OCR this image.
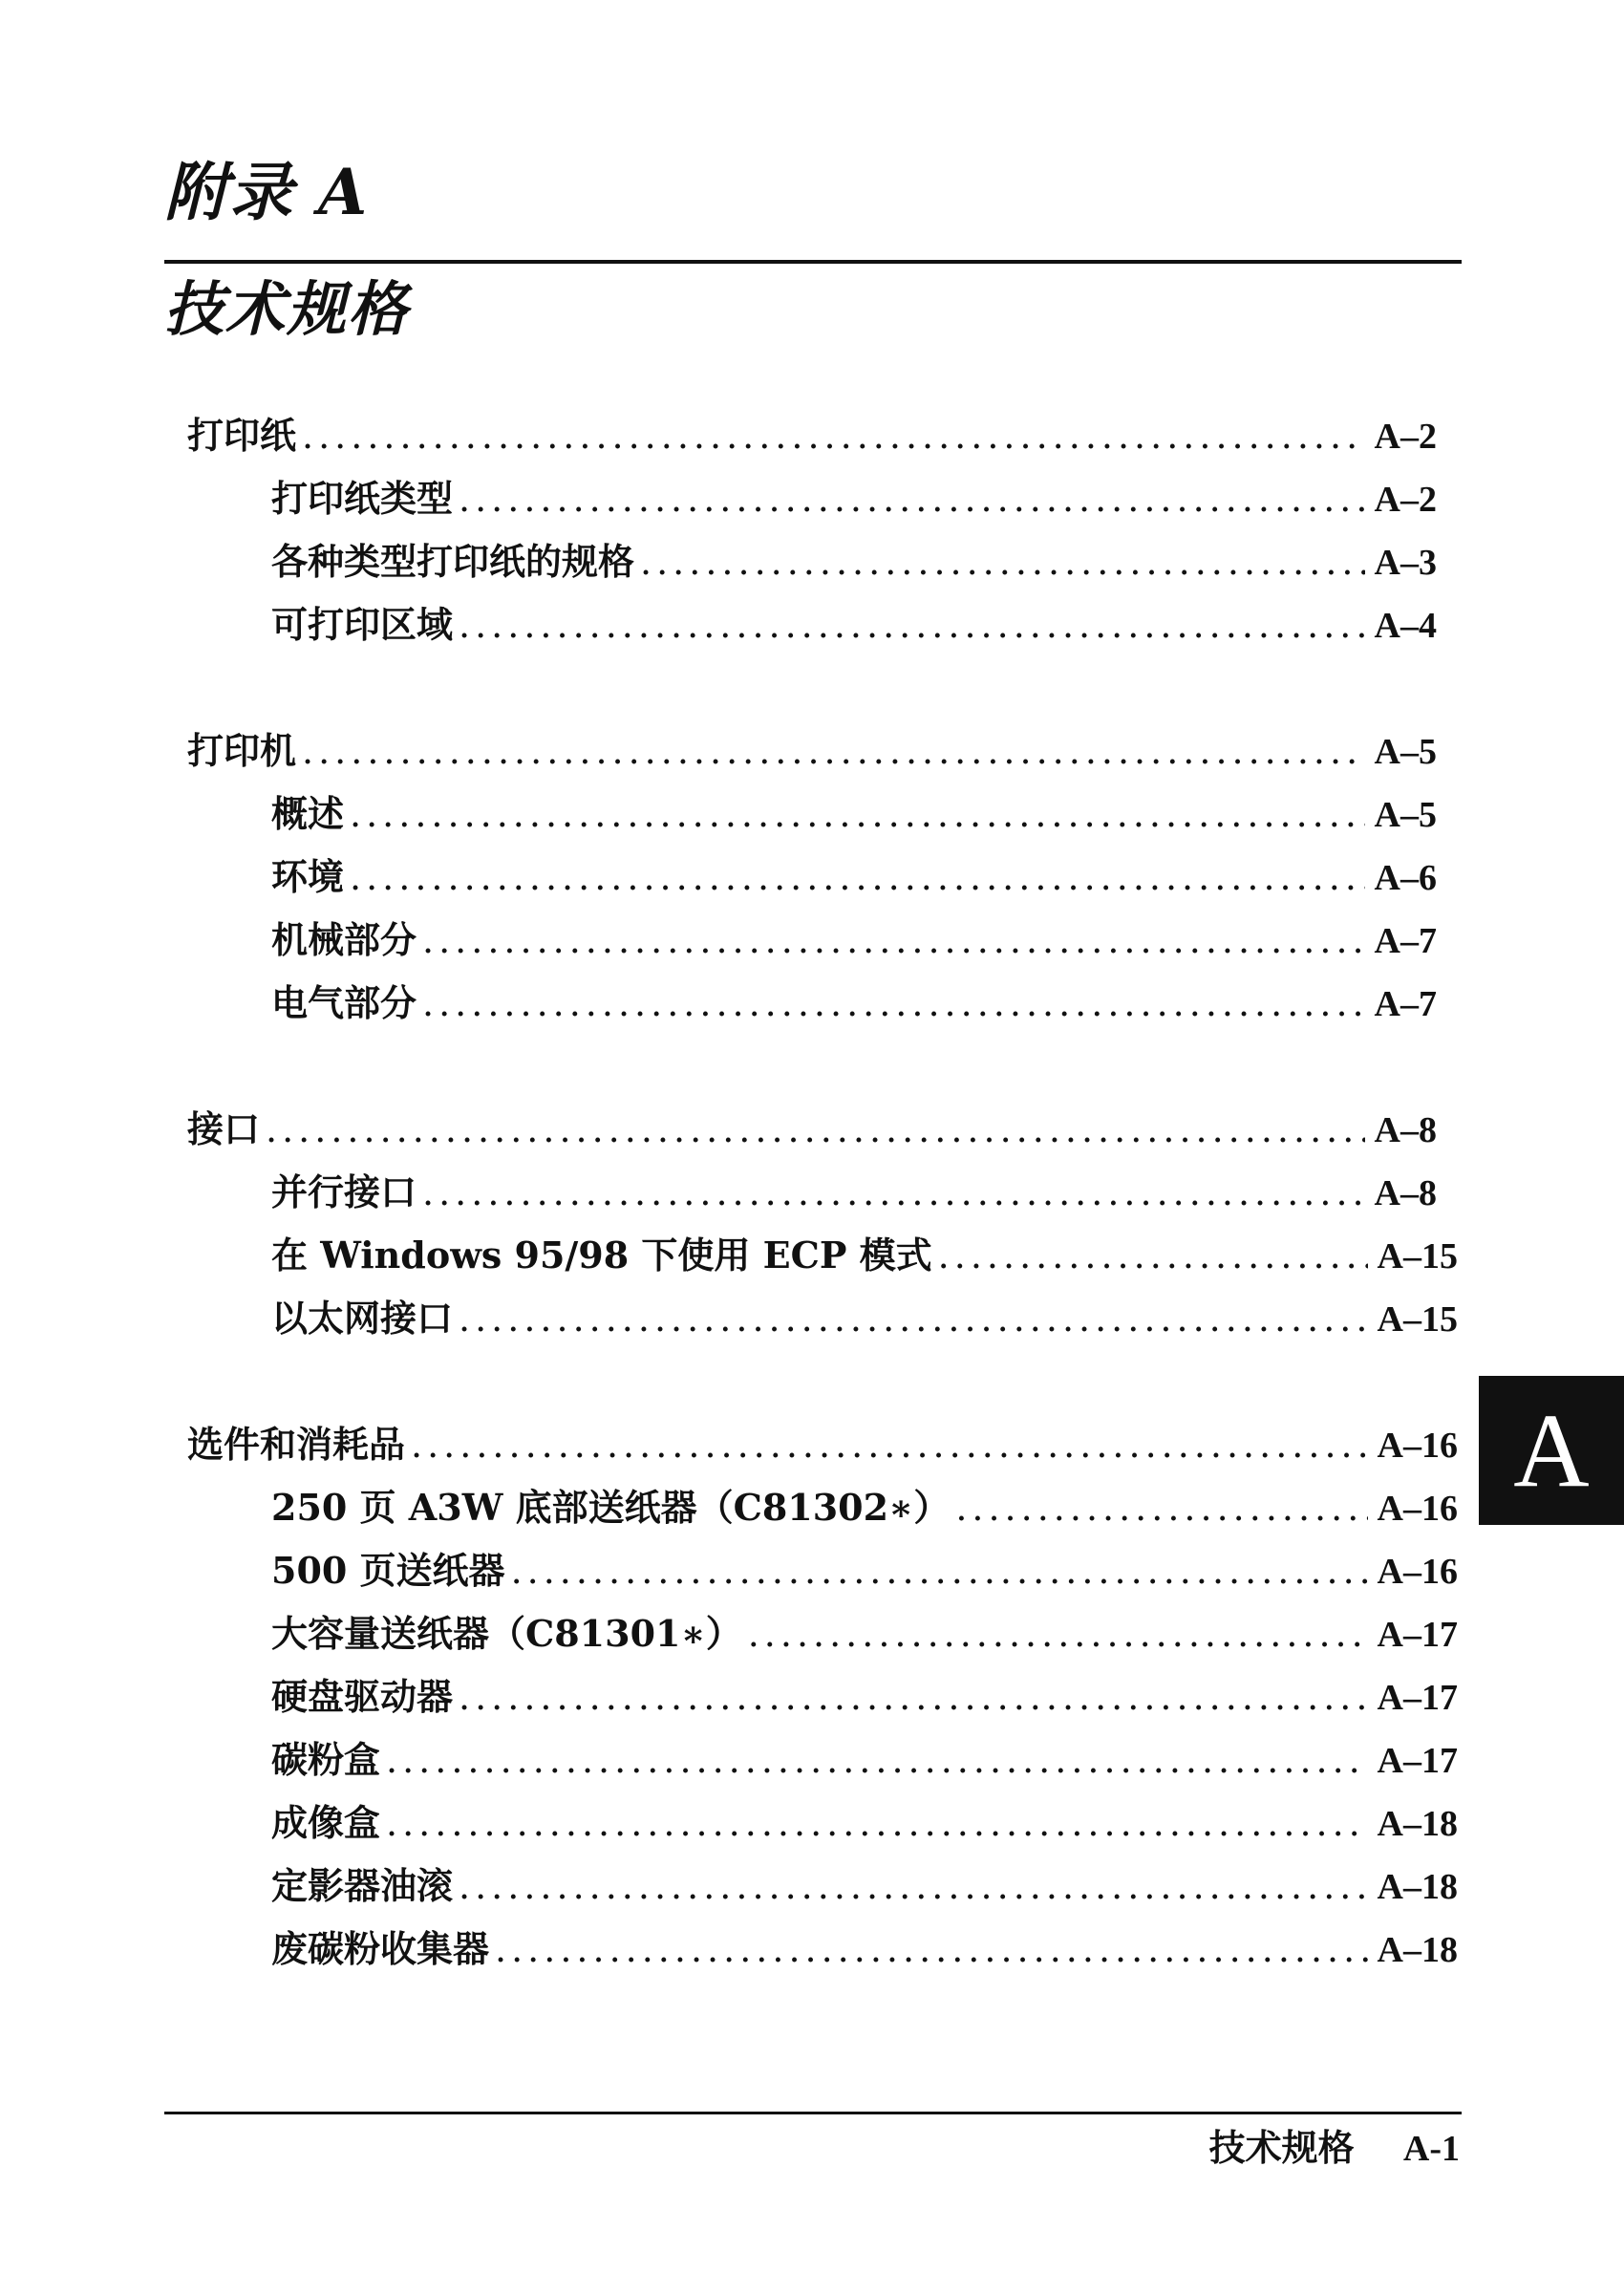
附录 A
技术规格
打印纸 .....	A–2
打印纸类型 .....	A–2
各种类型打印纸的规格 .....	A–3
可打印区域 .....	A–4
打印机 .....	A–5
概述 .....	A–5
环境 .....	A–6
机械部分 .....	A–7
电气部分 .....	A–7
接口 .....	A–8
并行接口 .....	A–8
在 Windows 95/98 下使用 ECP 模式 .....	A–15
以太网接口 .....	A–15
选件和消耗品 .....	A–16
250 页 A3W 底部送纸器（C81302∗） .....	A–16
500 页送纸器 .....	A–16
大容量送纸器（C81301∗） .....	A–17
硬盘驱动器 .....	A–17
碳粉盒 .....	A–17
成像盒 .....	A–18
定影器油滚 .....	A–18
废碳粉收集器 .....	A–18
A
技术规格 A-1
